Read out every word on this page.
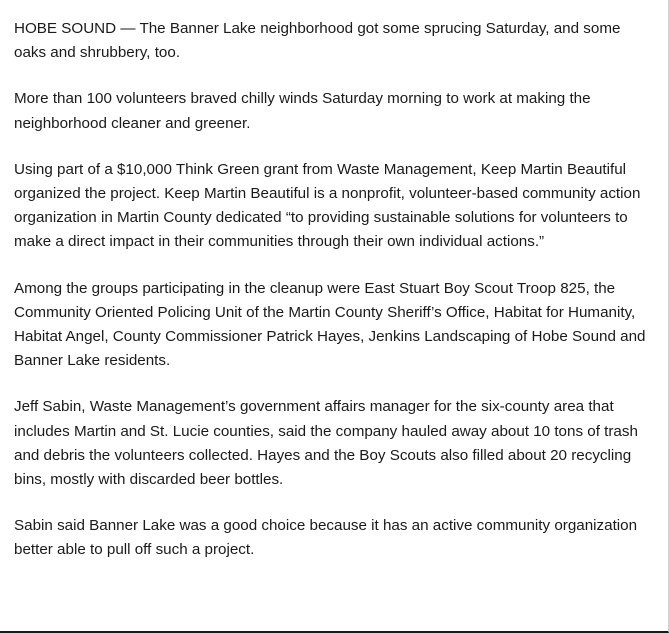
HOBE SOUND — The Banner Lake neighborhood got some sprucing Saturday, and some oaks and shrubbery, too.

More than 100 volunteers braved chilly winds Saturday morning to work at making the neighborhood cleaner and greener.

Using part of a $10,000 Think Green grant from Waste Management, Keep Martin Beautiful organized the project. Keep Martin Beautiful is a nonprofit, volunteer-based community action organization in Martin County dedicated “to providing sustainable solutions for volunteers to make a direct impact in their communities through their own individual actions.”

Among the groups participating in the cleanup were East Stuart Boy Scout Troop 825, the Community Oriented Policing Unit of the Martin County Sheriff’s Office, Habitat for Humanity, Habitat Angel, County Commissioner Patrick Hayes, Jenkins Landscaping of Hobe Sound and Banner Lake residents.

Jeff Sabin, Waste Management’s government affairs manager for the six-county area that includes Martin and St. Lucie counties, said the company hauled away about 10 tons of trash and debris the volunteers collected. Hayes and the Boy Scouts also filled about 20 recycling bins, mostly with discarded beer bottles.

Sabin said Banner Lake was a good choice because it has an active community organization better able to pull off such a project.
